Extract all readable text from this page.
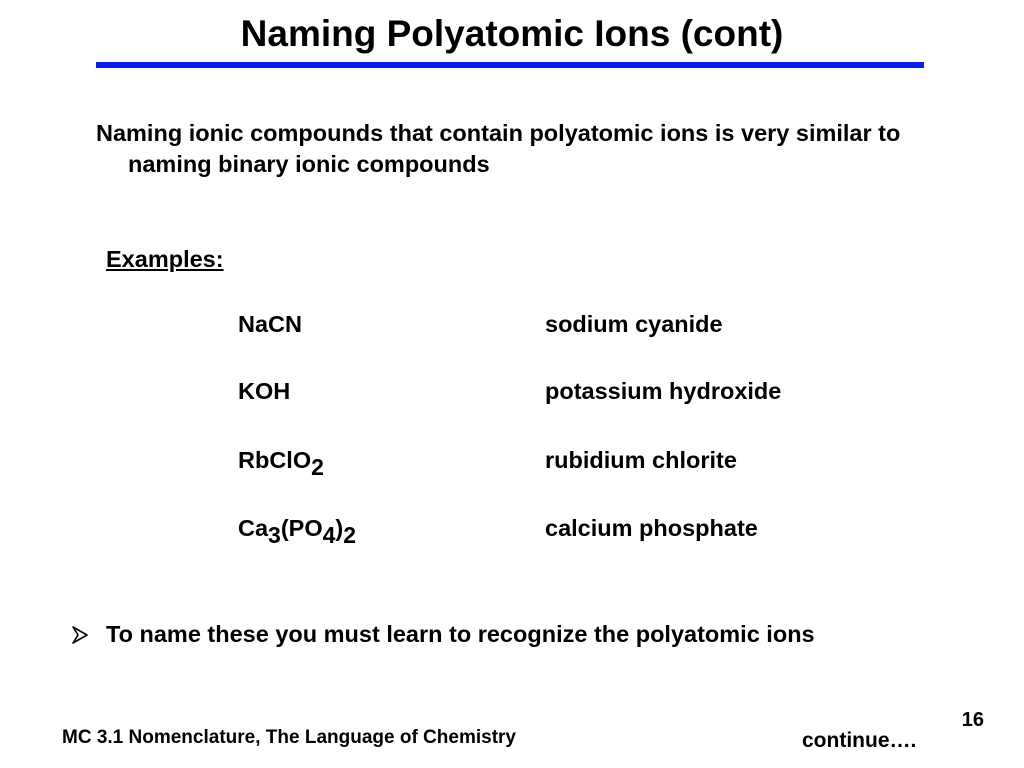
Naming Polyatomic Ions (cont)

Naming ionic compounds that contain polyatomic ions is very similar to naming binary ionic compounds

Examples:
NaCN	sodium cyanide
KOH	potassium hydroxide
RbClO$_2$	rubidium chlorite
$Ca_3(PO_4)_2$	calcium phosphate
To name these you must learn to recognize the polyatomic ions
MC 3.1 Nomenclature, The Language of Chemistry
16
continue….
